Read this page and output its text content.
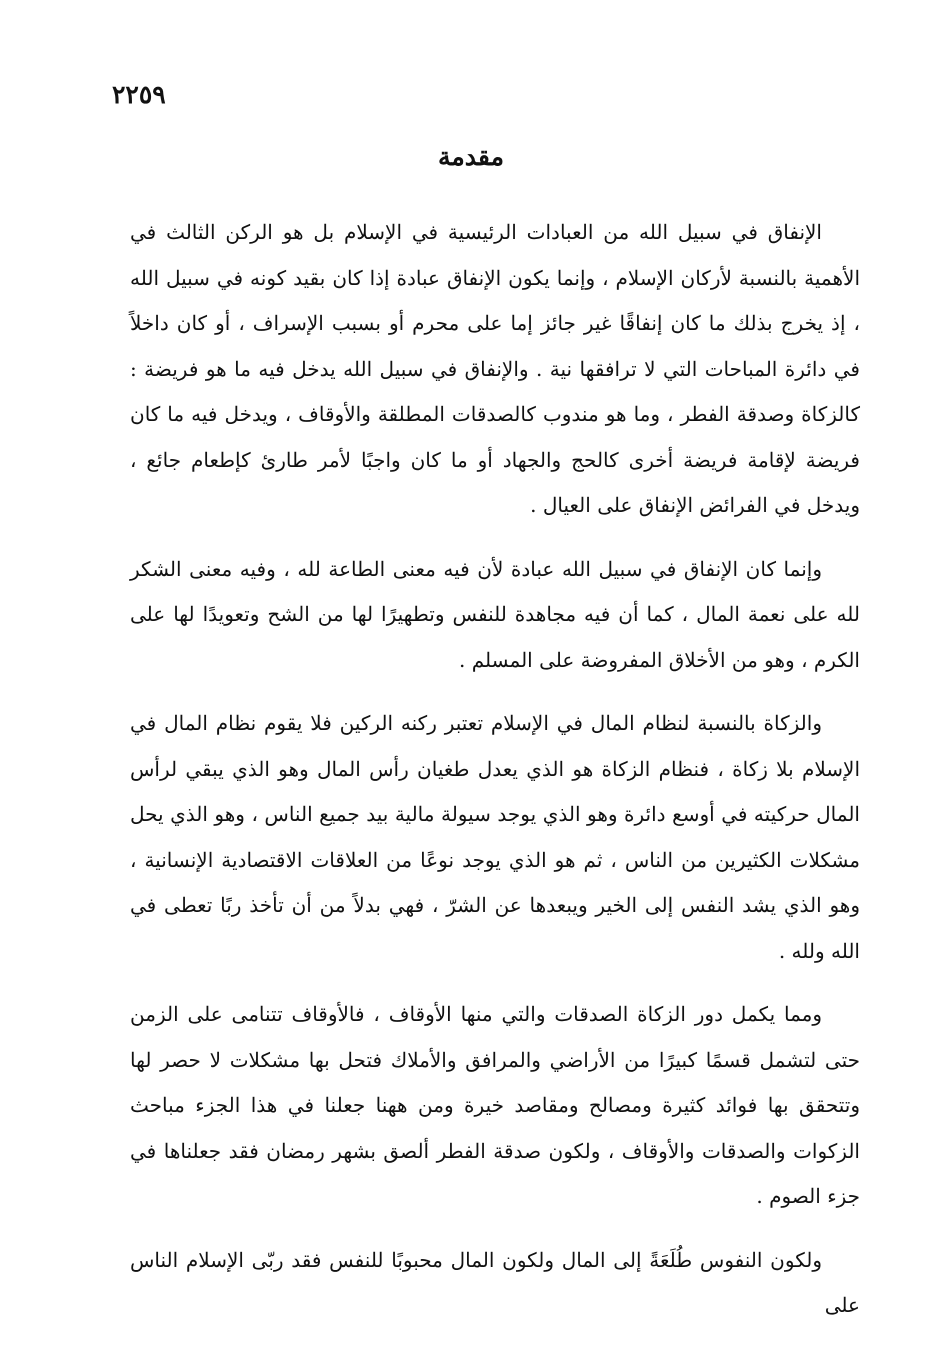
٢٢٥٩
مقدمة

الإنفاق في سبيل الله من العبادات الرئيسية في الإسلام بل هو الركن الثالث في الأهمية بالنسبة لأركان الإسلام ، وإنما يكون الإنفاق عبادة إذا كان بقيد كونه في سبيل الله ، إذ يخرج بذلك ما كان إنفاقًا غير جائز إما على محرم أو بسبب الإسراف ، أو كان داخلاً في دائرة المباحات التي لا ترافقها نية . والإنفاق في سبيل الله يدخل فيه ما هو فريضة : كالزكاة وصدقة الفطر ، وما هو مندوب كالصدقات المطلقة والأوقاف ، ويدخل فيه ما كان فريضة لإقامة فريضة أخرى كالحج والجهاد أو ما كان واجبًا لأمر طارئ كإطعام جائع ، ويدخل في الفرائض الإنفاق على العيال .

وإنما كان الإنفاق في سبيل الله عبادة لأن فيه معنى الطاعة لله ، وفيه معنى الشكر لله على نعمة المال ، كما أن فيه مجاهدة للنفس وتطهيرًا لها من الشح وتعويدًا لها على الكرم ، وهو من الأخلاق المفروضة على المسلم .

والزكاة بالنسبة لنظام المال في الإسلام تعتبر ركنه الركين فلا يقوم نظام المال في الإسلام بلا زكاة ، فنظام الزكاة هو الذي يعدل طغيان رأس المال وهو الذي يبقي لرأس المال حركيته في أوسع دائرة وهو الذي يوجد سيولة مالية بيد جميع الناس ، وهو الذي يحل مشكلات الكثيرين من الناس ، ثم هو الذي يوجد نوعًا من العلاقات الاقتصادية الإنسانية ، وهو الذي يشد النفس إلى الخير ويبعدها عن الشرّ ، فهي بدلاً من أن تأخذ ربًا تعطى في الله ولله .

ومما يكمل دور الزكاة الصدقات والتي منها الأوقاف ، فالأوقاف تتنامى على الزمن حتى لتشمل قسمًا كبيرًا من الأراضي والمرافق والأملاك فتحل بها مشكلات لا حصر لها وتتحقق بها فوائد كثيرة ومصالح ومقاصد خيرة ومن ههنا جعلنا في هذا الجزء مباحث الزكوات والصدقات والأوقاف ، ولكون صدقة الفطر ألصق بشهر رمضان فقد جعلناها في جزء الصوم .

ولكون النفوس طُلَعَةً إلى المال ولكون المال محبوبًا للنفس فقد ربّى الإسلام الناس على
